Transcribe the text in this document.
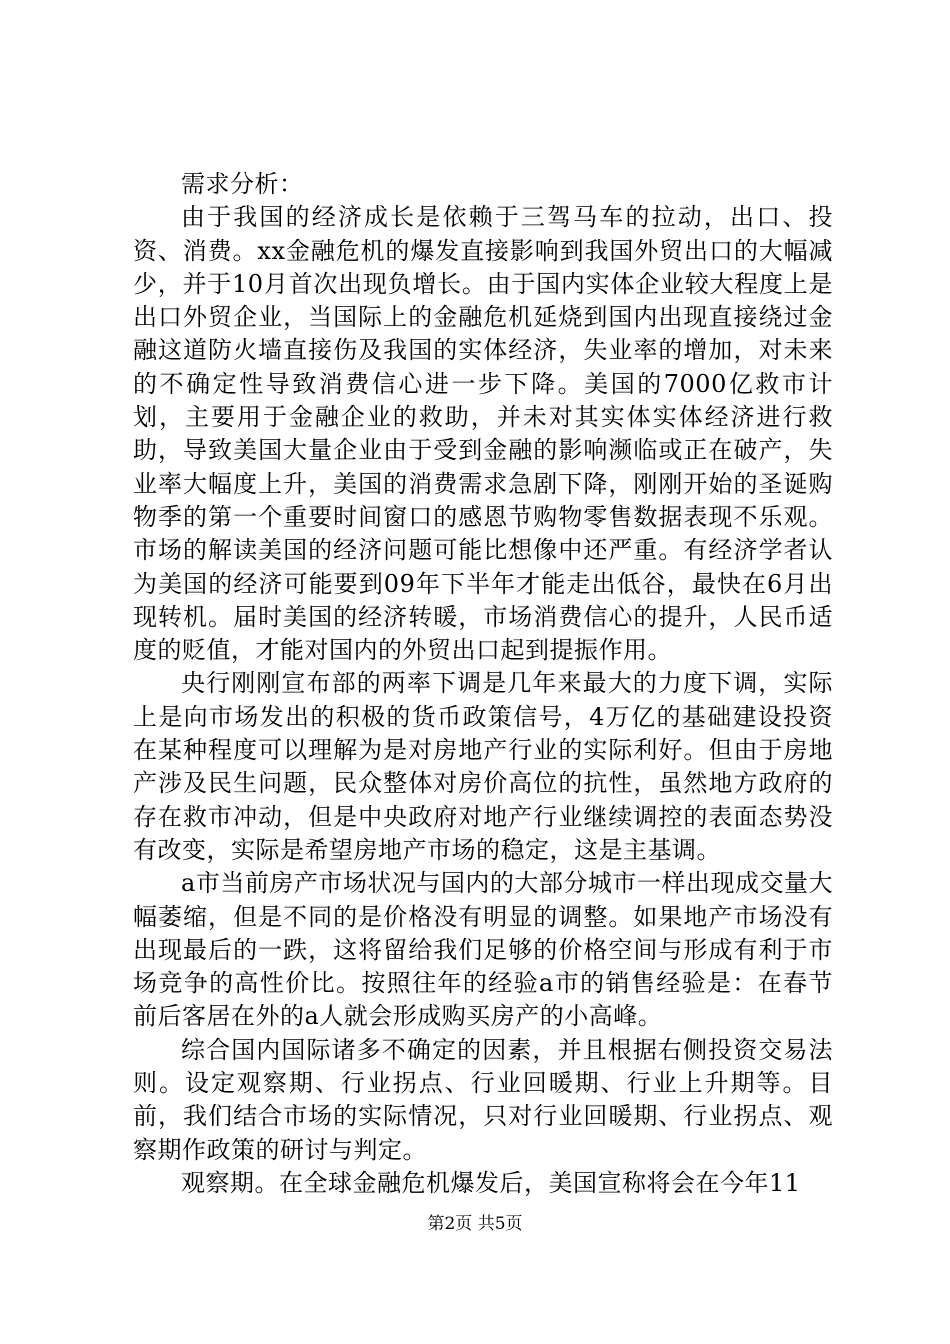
需求分析：

由于我国的经济成长是依赖于三驾马车的拉动，出口、投资、消费。xx金融危机的爆发直接影响到我国外贸出口的大幅减少，并于10月首次出现负增长。由于国内实体企业较大程度上是出口外贸企业，当国际上的金融危机延烧到国内出现直接绕过金融这道防火墙直接伤及我国的实体经济，失业率的增加，对未来的不确定性导致消费信心进一步下降。美国的7000亿救市计划，主要用于金融企业的救助，并未对其实体实体经济进行救助，导致美国大量企业由于受到金融的影响濒临或正在破产，失业率大幅度上升，美国的消费需求急剧下降，刚刚开始的圣诞购物季的第一个重要时间窗口的感恩节购物零售数据表现不乐观。市场的解读美国的经济问题可能比想像中还严重。有经济学者认为美国的经济可能要到09年下半年才能走出低谷，最快在6月出现转机。届时美国的经济转暖，市场消费信心的提升，人民币适度的贬值，才能对国内的外贸出口起到提振作用。

央行刚刚宣布部的两率下调是几年来最大的力度下调，实际上是向市场发出的积极的货币政策信号，4万亿的基础建设投资在某种程度可以理解为是对房地产行业的实际利好。但由于房地产涉及民生问题，民众整体对房价高位的抗性，虽然地方政府的存在救市冲动，但是中央政府对地产行业继续调控的表面态势没有改变，实际是希望房地产市场的稳定，这是主基调。

a市当前房产市场状况与国内的大部分城市一样出现成交量大幅萎缩，但是不同的是价格没有明显的调整。如果地产市场没有出现最后的一跌，这将留给我们足够的价格空间与形成有利于市场竞争的高性价比。按照往年的经验a市的销售经验是：在春节前后客居在外的a人就会形成购买房产的小高峰。

综合国内国际诸多不确定的因素，并且根据右侧投资交易法则。设定观察期、行业拐点、行业回暖期、行业上升期等。目前，我们结合市场的实际情况，只对行业回暖期、行业拐点、观察期作政策的研讨与判定。

观察期。在全球金融危机爆发后，美国宣称将会在今年11

第2页 共5页
